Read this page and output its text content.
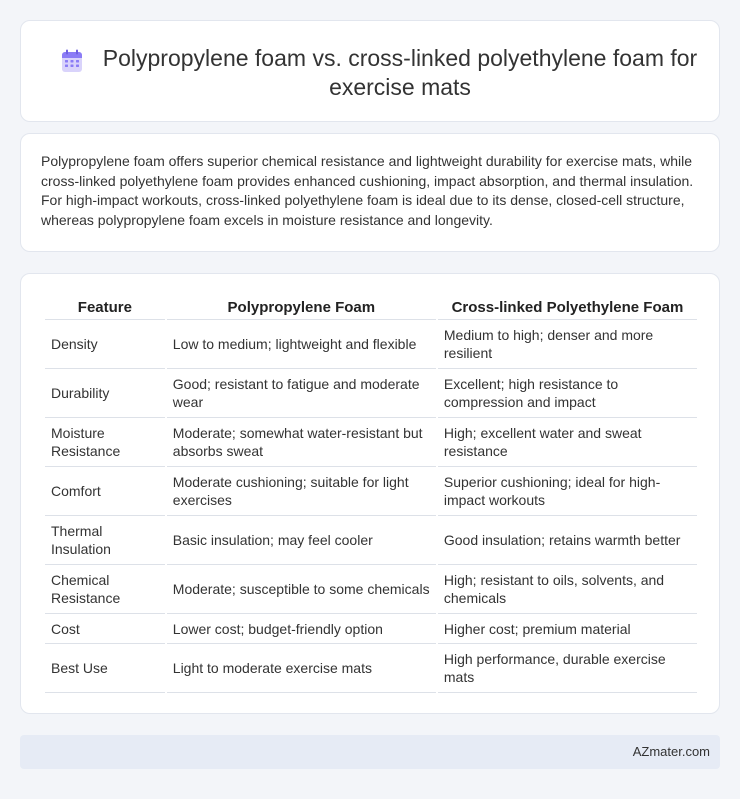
Polypropylene foam vs. cross-linked polyethylene foam for exercise mats

Polypropylene foam offers superior chemical resistance and lightweight durability for exercise mats, while cross-linked polyethylene foam provides enhanced cushioning, impact absorption, and thermal insulation. For high-impact workouts, cross-linked polyethylene foam is ideal due to its dense, closed-cell structure, whereas polypropylene foam excels in moisture resistance and longevity.

Feature	Polypropylene Foam	Cross-linked Polyethylene Foam
Density	Low to medium; lightweight and flexible	Medium to high; denser and more resilient
Durability	Good; resistant to fatigue and moderate wear	Excellent; high resistance to compression and impact
Moisture Resistance	Moderate; somewhat water-resistant but absorbs sweat	High; excellent water and sweat resistance
Comfort	Moderate cushioning; suitable for light exercises	Superior cushioning; ideal for high-impact workouts
Thermal Insulation	Basic insulation; may feel cooler	Good insulation; retains warmth better
Chemical Resistance	Moderate; susceptible to some chemicals	High; resistant to oils, solvents, and chemicals
Cost	Lower cost; budget-friendly option	Higher cost; premium material
Best Use	Light to moderate exercise mats	High performance, durable exercise mats
AZmater.com
